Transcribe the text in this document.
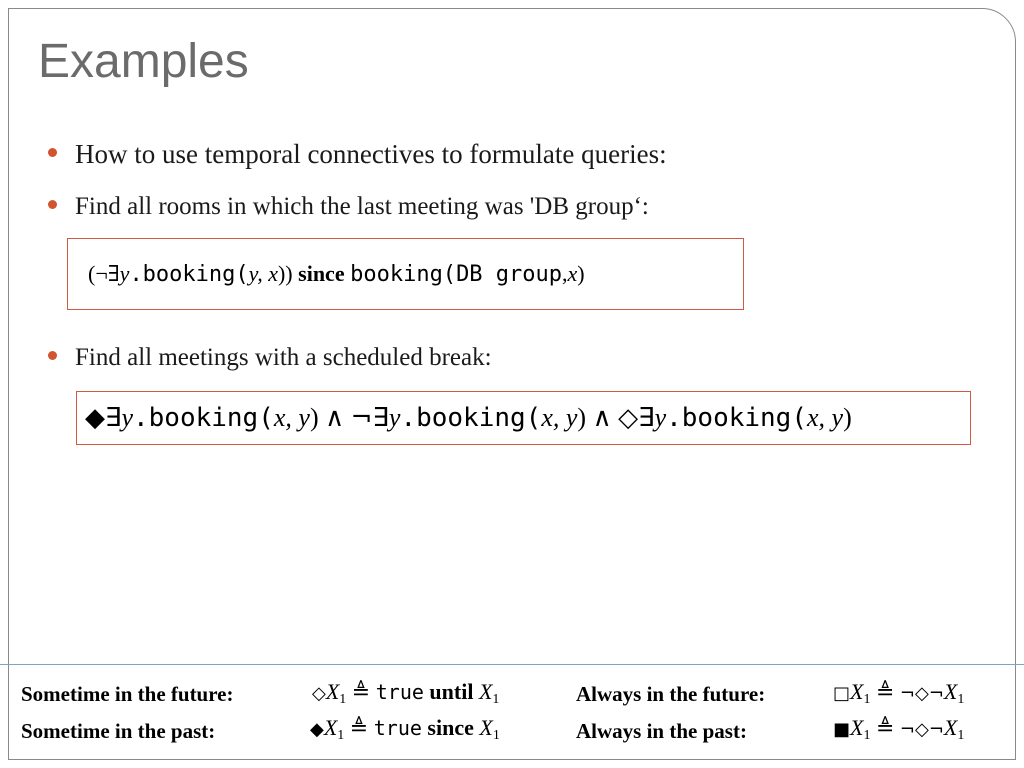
Examples
How to use temporal connectives to formulate queries:
Find all rooms in which the last meeting was 'DB group‘:
(¬∃ y .booking( y, x ))
since
booking( DB group , x )
Find all meetings with a scheduled break:
◆∃ y .booking( x, y ) ∧ ¬∃ y .booking( x, y ) ∧ ◇∃ y .booking( x, y )
Sometime in the future:	◇X1 ≜ true until X1
Sometime in the past:	◆X1 ≜ true since X1
Always in the future:	□X1 ≜ ¬◇¬X1
Always in the past:	■X1 ≜ ¬◇¬X1
